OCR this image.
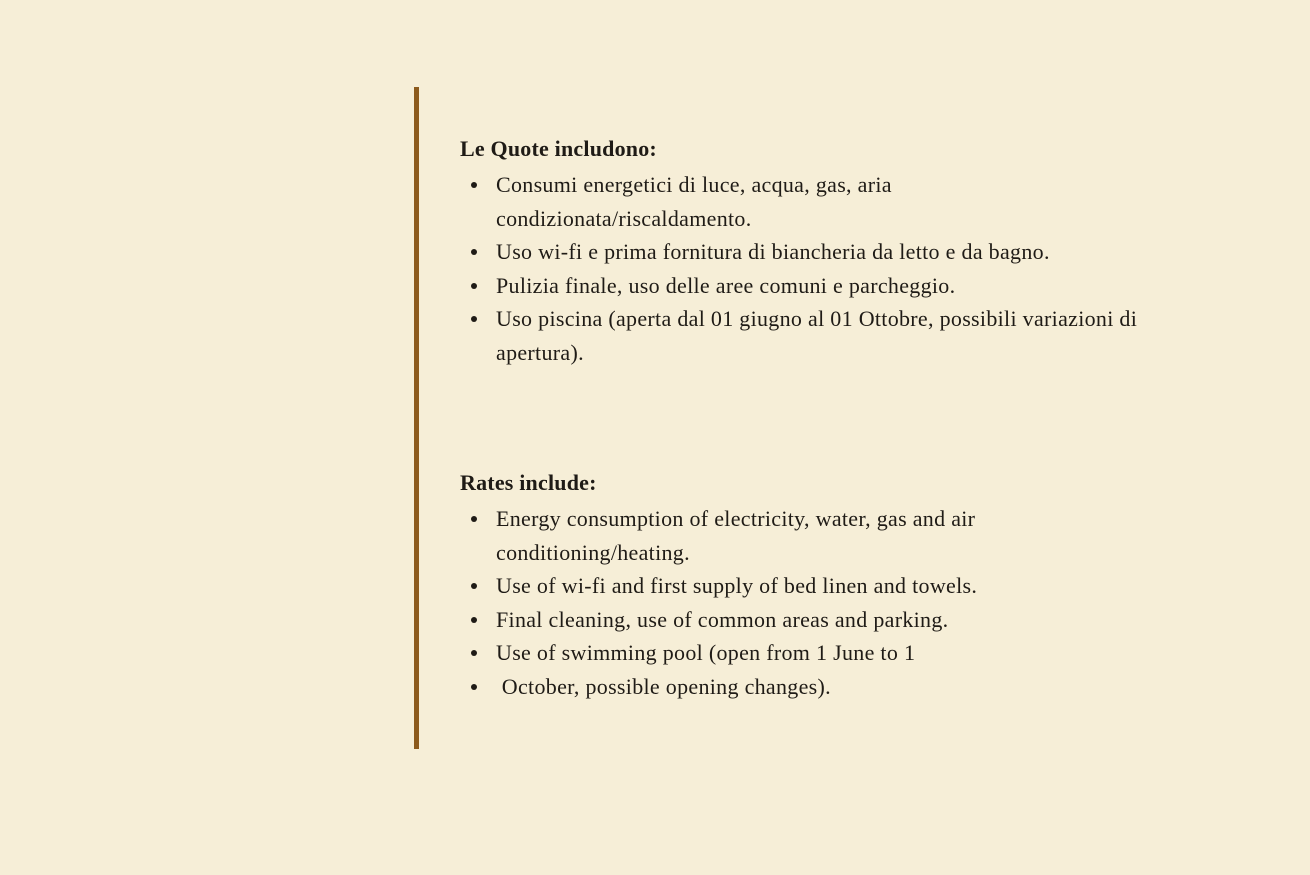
Le Quote includono:
Consumi energetici di luce, acqua, gas, aria condizionata/riscaldamento.
Uso wi-fi e prima fornitura di biancheria da letto e da bagno.
Pulizia finale, uso delle aree comuni e parcheggio.
Uso piscina (aperta dal 01 giugno al 01 Ottobre, possibili variazioni di apertura).
Rates include:
Energy consumption of electricity, water, gas and air conditioning/heating.
Use of wi-fi and first supply of bed linen and towels.
Final cleaning, use of common areas and parking.
Use of swimming pool (open from 1 June to 1
October, possible opening changes).
